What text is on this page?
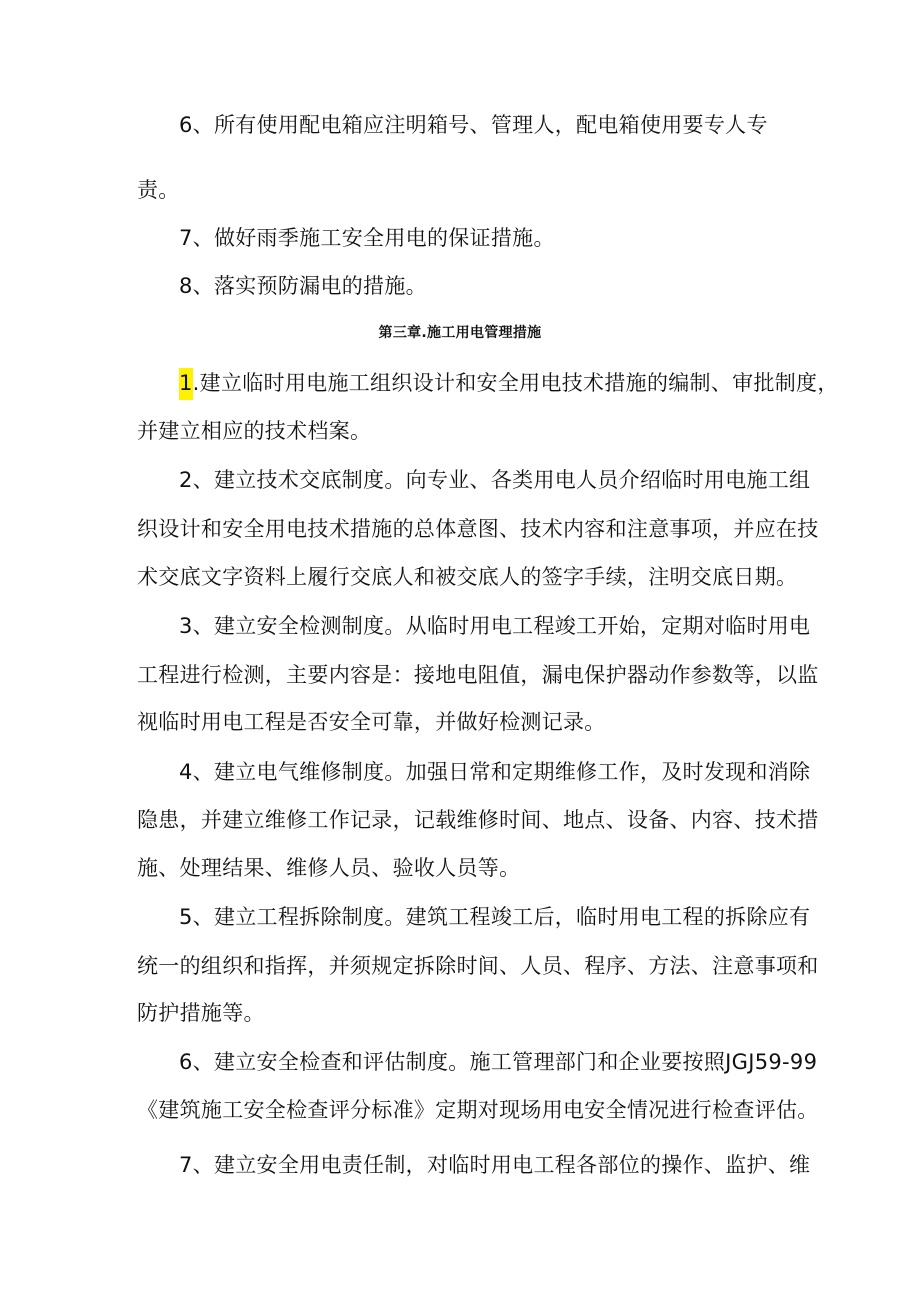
6、所有使用配电箱应注明箱号、管理人，配电箱使用要专人专
责。
7、做好雨季施工安全用电的保证措施。
8、落实预防漏电的措施。
第三章.施工用电管理措施
1.建立临时用电施工组织设计和安全用电技术措施的编制、审批制度，
并建立相应的技术档案。
2、建立技术交底制度。向专业、各类用电人员介绍临时用电施工组
织设计和安全用电技术措施的总体意图、技术内容和注意事项，并应在技
术交底文字资料上履行交底人和被交底人的签字手续，注明交底日期。
3、建立安全检测制度。从临时用电工程竣工开始，定期对临时用电
工程进行检测，主要内容是：接地电阻值，漏电保护器动作参数等，以监
视临时用电工程是否安全可靠，并做好检测记录。
4、建立电气维修制度。加强日常和定期维修工作，及时发现和消除
隐患，并建立维修工作记录，记载维修时间、地点、设备、内容、技术措
施、处理结果、维修人员、验收人员等。
5、建立工程拆除制度。建筑工程竣工后，临时用电工程的拆除应有
统一的组织和指挥，并须规定拆除时间、人员、程序、方法、注意事项和
防护措施等。
6、建立安全检查和评估制度。施工管理部门和企业要按照JGJ59-99
《建筑施工安全检查评分标准》定期对现场用电安全情况进行检查评估。
7、建立安全用电责任制，对临时用电工程各部位的操作、监护、维
